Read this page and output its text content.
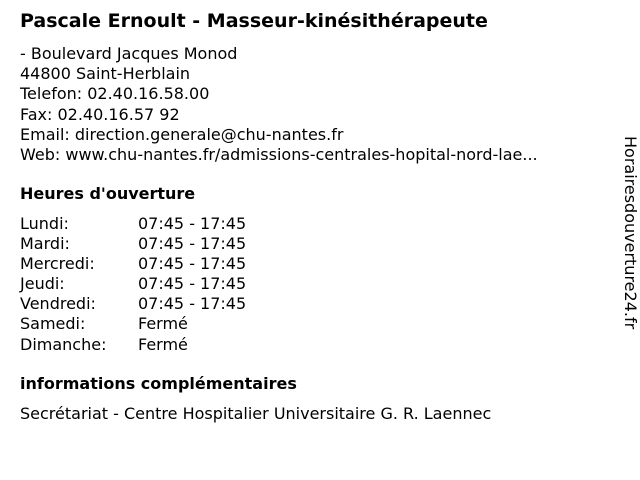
Pascale Ernoult - Masseur-kinésithérapeute
- Boulevard Jacques Monod
44800 Saint-Herblain
Telefon: 02.40.16.58.00
Fax: 02.40.16.57 92
Email: direction.generale@chu-nantes.fr
Web: www.chu-nantes.fr/admissions-centrales-hopital-nord-lae...
Heures d'ouverture
Lundi:	07:45 - 17:45
Mardi:	07:45 - 17:45
Mercredi:	07:45 - 17:45
Jeudi:	07:45 - 17:45
Vendredi:	07:45 - 17:45
Samedi:	Fermé
Dimanche: Fermé
informations complémentaires
Secrétariat - Centre Hospitalier Universitaire G. R. Laennec
Horairesdouverture24.fr
